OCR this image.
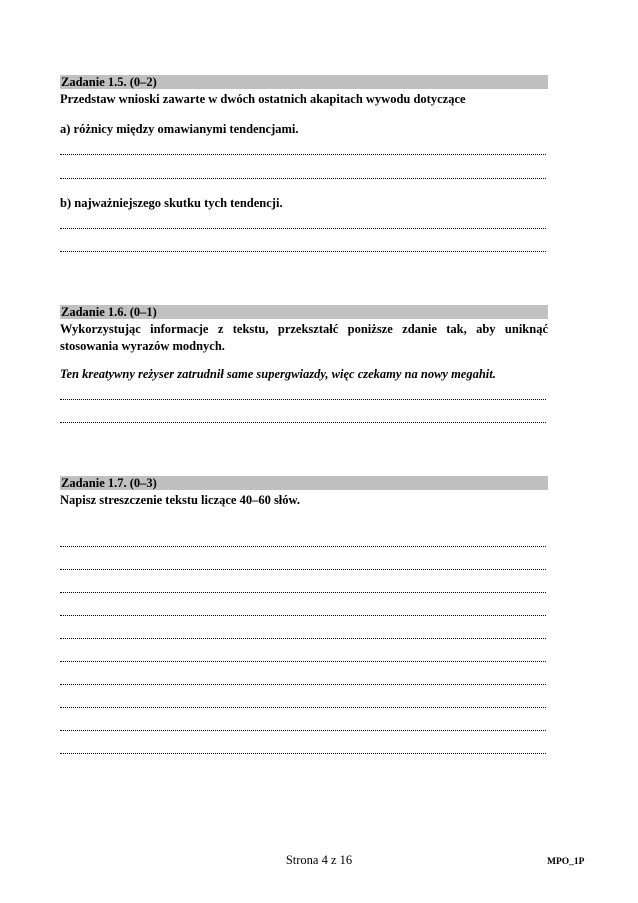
Zadanie 1.5. (0–2)
Przedstaw wnioski zawarte w dwóch ostatnich akapitach wywodu dotyczące
a) różnicy między omawianymi tendencjami.
b) najważniejszego skutku tych tendencji.
Zadanie 1.6. (0–1)
Wykorzystując informacje z tekstu, przekształć poniższe zdanie tak, aby uniknąć
stosowania wyrazów modnych.
Ten kreatywny reżyser zatrudnił same supergwiazdy, więc czekamy na nowy megahit.
Zadanie 1.7. (0–3)
Napisz streszczenie tekstu liczące 40–60 słów.
Strona 4 z 16	MPO_1P
